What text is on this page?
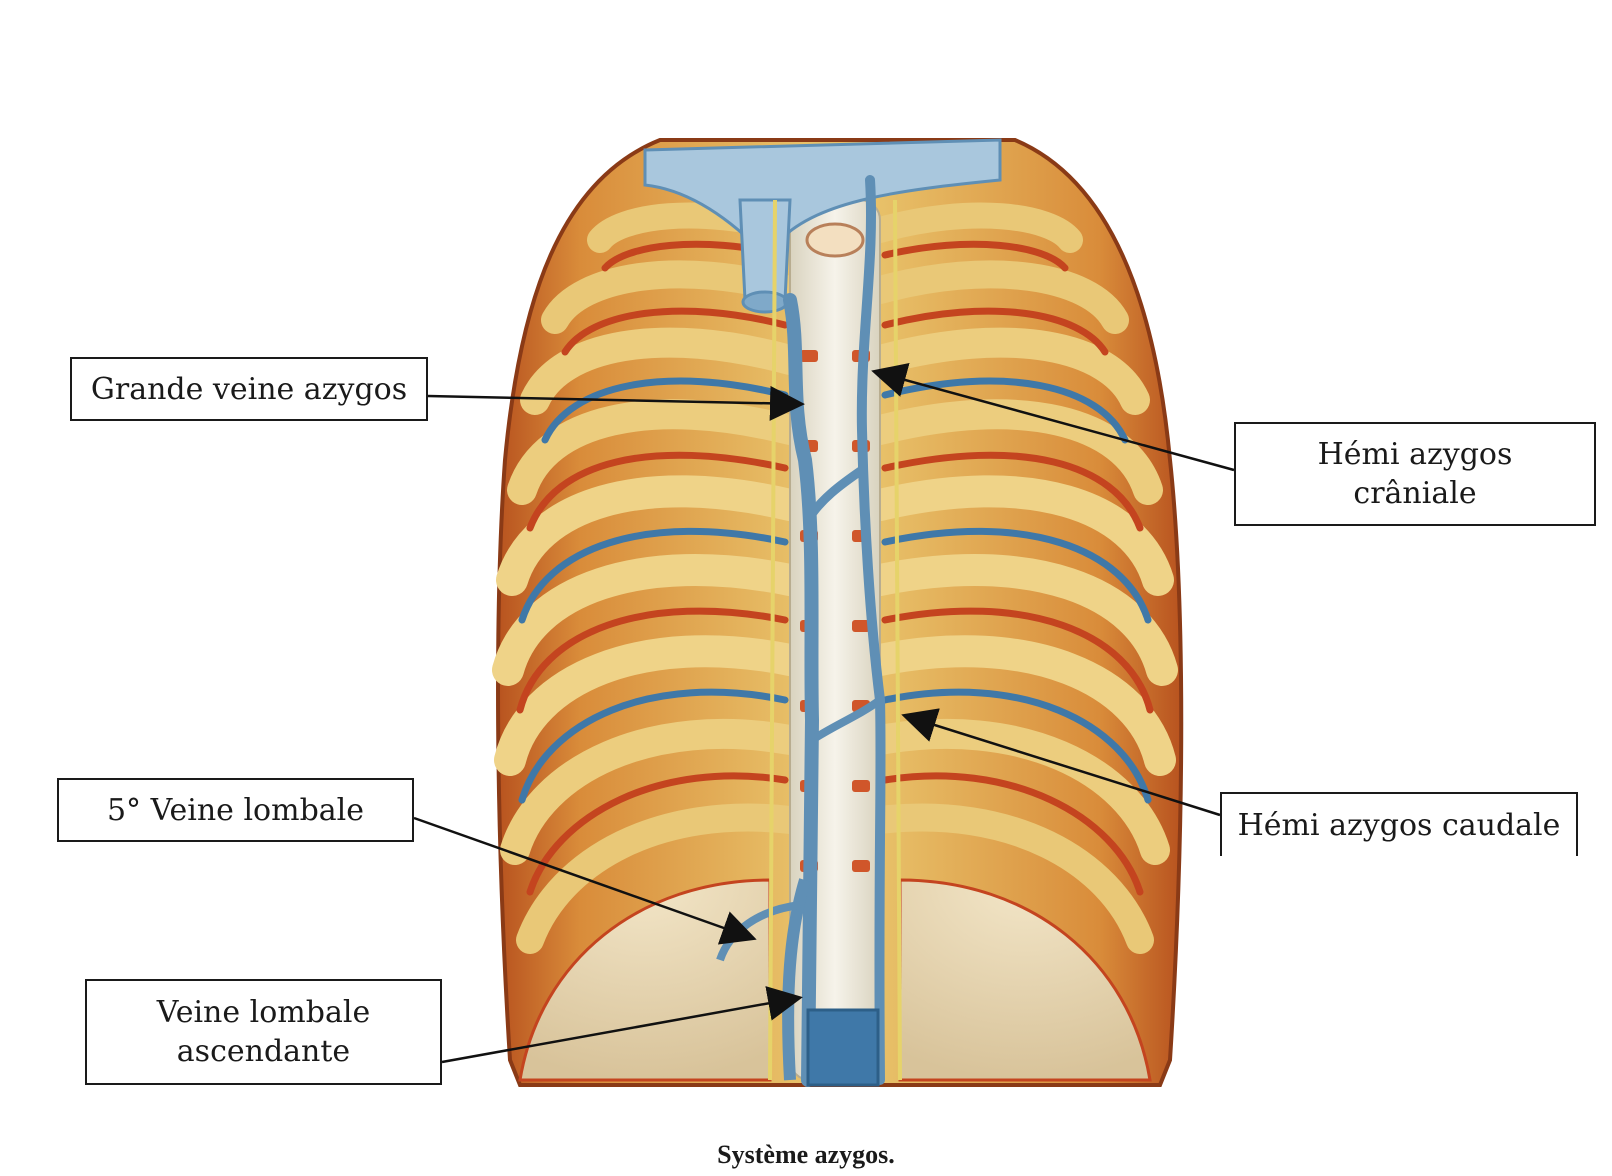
Grande veine azygos
Hémi azygos
crâniale
5° Veine lombale	Hémi azygos caudale
Veine lombale
ascendante
Système azygos.
